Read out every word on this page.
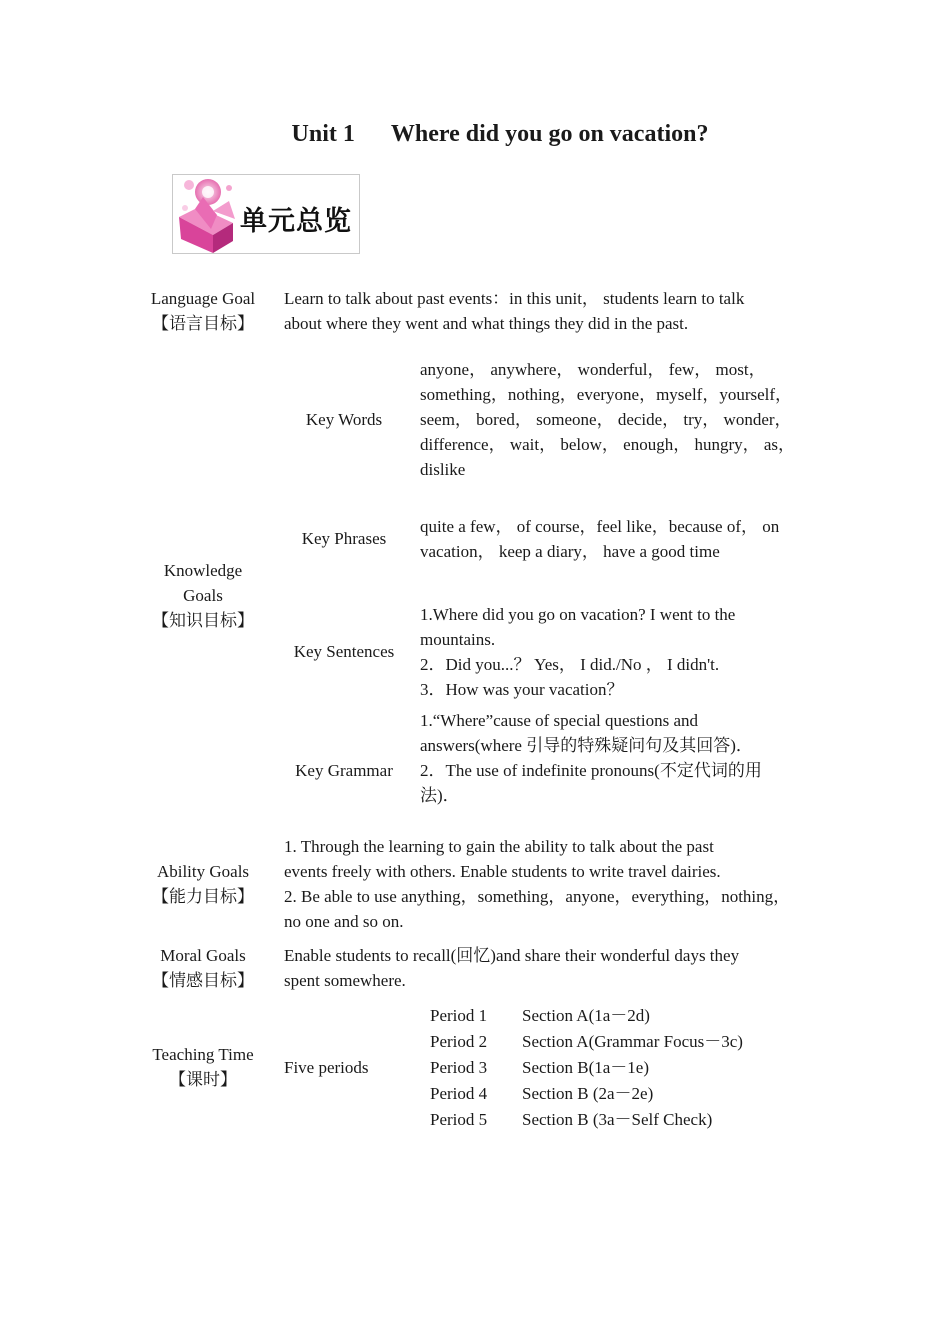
Unit 1  Where did you go on vacation?
单元总览
Language Goal
【语言目标】
Learn to talk about past events：in this unit， students learn to talk
about where they went and what things they did in the past.
Knowledge
Goals
【知识目标】
Key Words
anyone， anywhere， wonderful， few， most，
something，nothing，everyone，myself，yourself，
seem， bored， someone， decide， try， wonder，
difference， wait， below， enough， hungry， as，
dislike
Key Phrases
quite a few， of course，feel like，because of， on
vacation， keep a diary， have a good time
Key Sentences
1.Where did you go on vacation? I went to the
mountains.
2．Did you...？ Yes， I did./No ， I didn't.
3．How was your vacation？
Key Grammar
1.“Where”cause of special questions and
answers(where 引导的特殊疑问句及其回答)．
2．The use of indefinite pronouns(不定代词的用
法)．
Ability Goals
【能力目标】
1. Through the learning to gain the ability to talk about the past
events freely with others. Enable students to write travel dairies.
2. Be able to use anything，something，anyone，everything，nothing，
no one and so on.
Moral Goals
【情感目标】
Enable students to recall(回忆)and share their wonderful days they
spent somewhere.
Teaching Time
【课时】
Five periods
Period 1 Section A(1a－2d)
Period 2 Section A(Grammar Focus－3c)
Period 3 Section B(1a－1e)
Period 4 Section B (2a－2e)
Period 5 Section B (3a－Self Check)
